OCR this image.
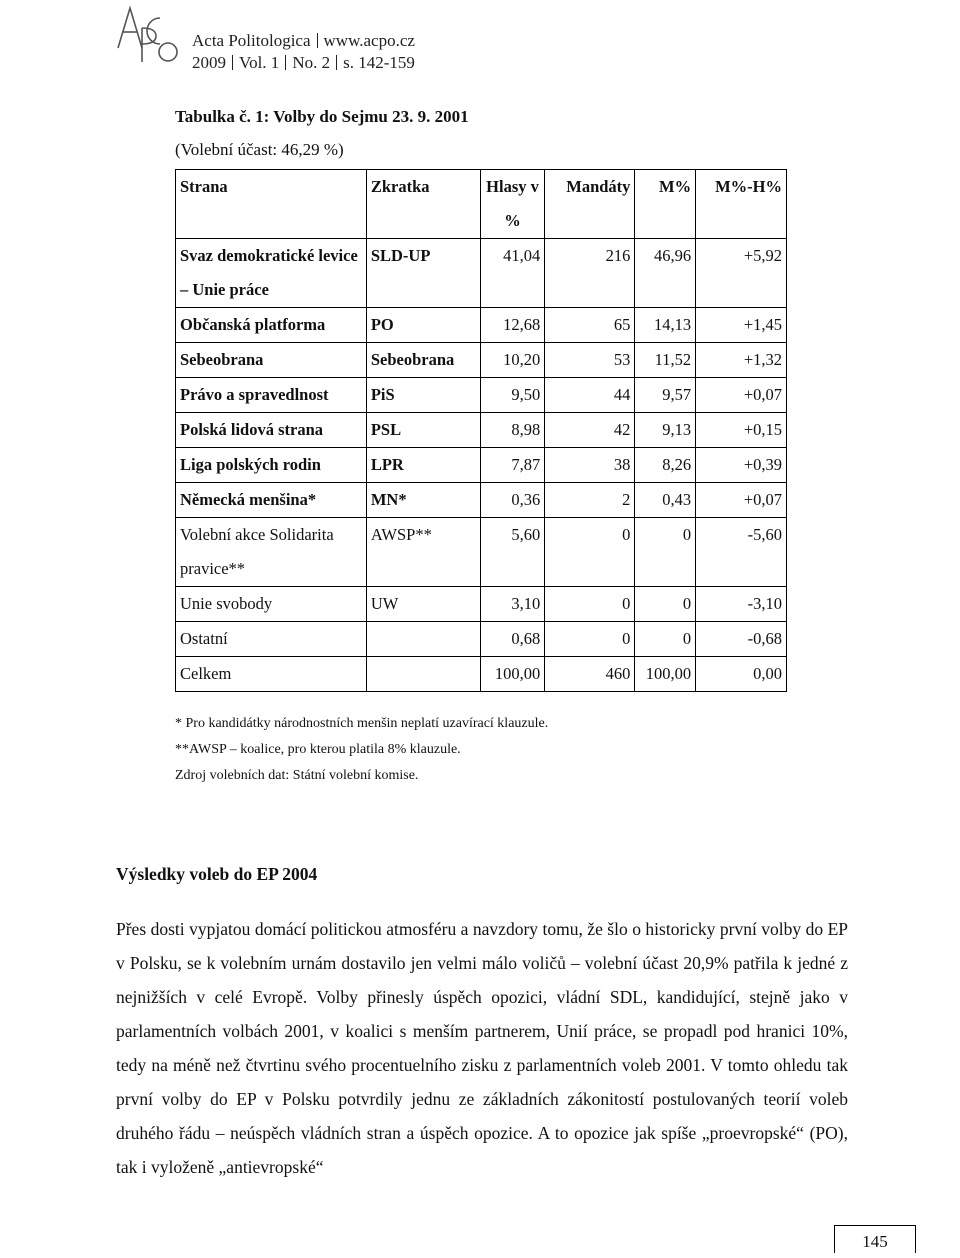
Acta Politologica www.acpo.cz
2009 Vol. 1 No. 2 s. 142-159
Tabulka č. 1: Volby do Sejmu 23. 9. 2001
(Volební účast: 46,29 %)
Strana	Zkratka	Hlasy v %	Mandáty	M%	M%-H%
Svaz demokratické levice – Unie práce	SLD-UP	41,04	216	46,96	+5,92
Občanská platforma	PO	12,68	65	14,13	+1,45
Sebeobrana	Sebeobrana	10,20	53	11,52	+1,32
Právo a spravedlnost	PiS	9,50	44	9,57	+0,07
Polská lidová strana	PSL	8,98	42	9,13	+0,15
Liga polských rodin	LPR	7,87	38	8,26	+0,39
Německá menšina*	MN*	0,36	2	0,43	+0,07
Volební akce Solidarita pravice**	AWSP**	5,60	0	0	-5,60
Unie svobody	UW	3,10	0	0	-3,10
Ostatní		0,68	0	0	-0,68
Celkem		100,00	460	100,00	0,00
* Pro kandidátky národnostních menšin neplatí uzavírací klauzule.
**AWSP – koalice, pro kterou platila 8% klauzule.
Zdroj volebních dat: Státní volební komise.
Výsledky voleb do EP 2004
Přes dosti vypjatou domácí politickou atmosféru a navzdory tomu, že šlo o historicky první volby do EP v Polsku, se k volebním urnám dostavilo jen velmi málo voličů – volební účast 20,9% patřila k jedné z nejnižších v celé Evropě. Volby přinesly úspěch opozici, vládní SDL, kandidující, stejně jako v parlamentních volbách 2001, v koalici s menším partnerem, Unií práce, se propadl pod hranici 10%, tedy na méně než čtvrtinu svého procentuelního zisku z parlamentních voleb 2001. V tomto ohledu tak první volby do EP v Polsku potvrdily jednu ze základních zákonitostí postulovaných teorií voleb druhého řádu – neúspěch vládních stran a úspěch opozice. A to opozice jak spíše „proevropské“ (PO), tak i vyloženě „antievropské“
145
